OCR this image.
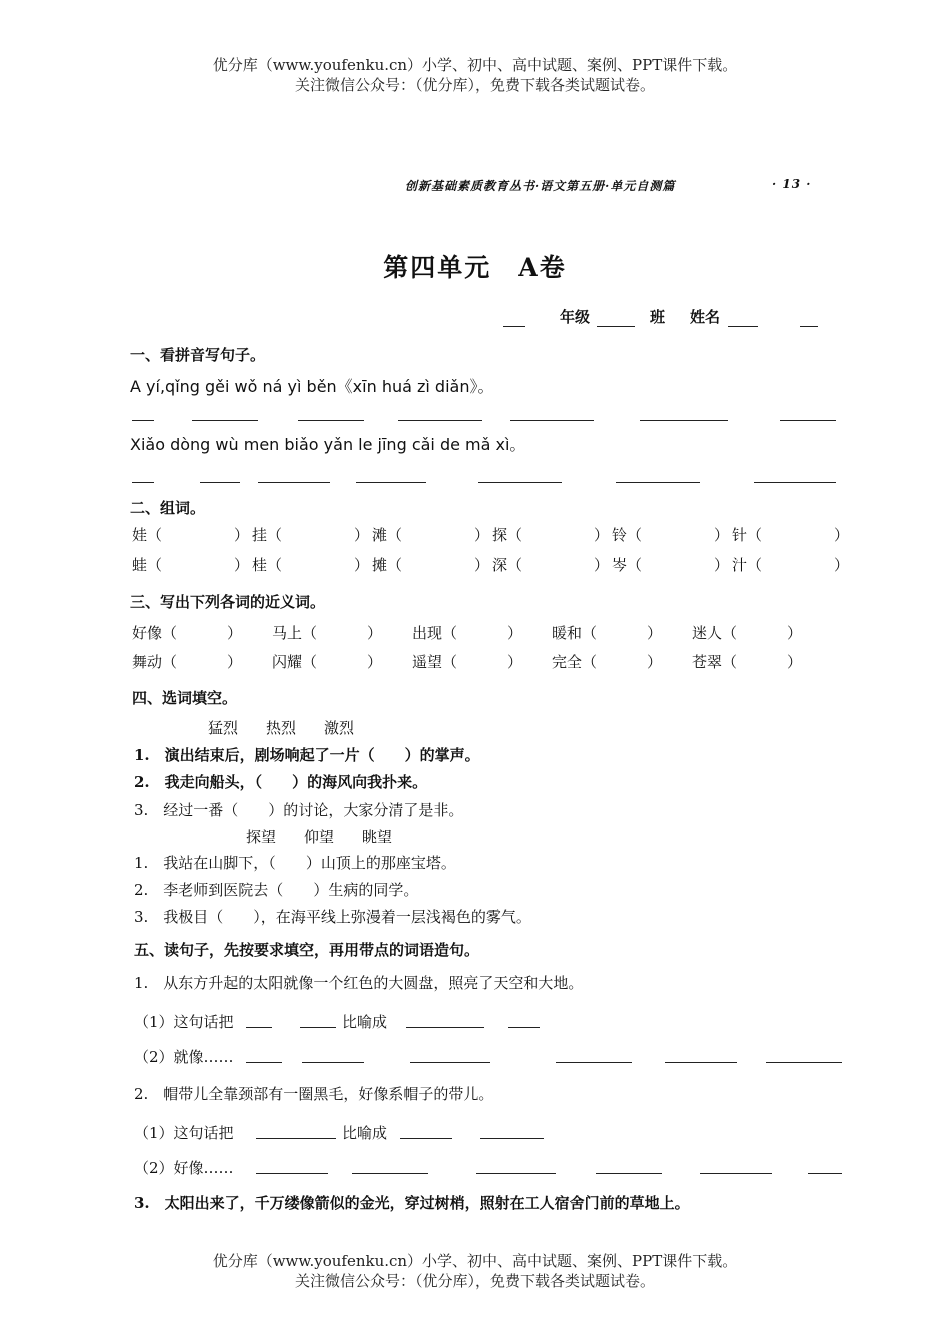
优分库（www.youfenku.cn）小学、初中、高中试题、案例、PPT课件下载。
关注微信公众号：（优分库），免费下载各类试题试卷。
创新基础素质教育丛书·语文第五册·单元自测篇	· 13 ·
第四单元　A卷
年级	班 姓名
一、看拼音写句子。
A yí,qǐng gěi wǒ ná yì běn《xīn huá zì diǎn》。
Xiǎo dòng wù men biǎo yǎn le jīng cǎi de mǎ xì。
二、组词。
娃（	） 挂（	） 滩（	） 探（	） 铃（	） 针（	）
蛙（	） 桂（	） 摊（	） 深（	） 岑（	） 汁（	）
三、写出下列各词的近义词。
好像（	）	马上（	）	出现（	）	暖和（	）	迷人（	）
舞动（	）	闪耀（	）	遥望（	）	完全（	）	苍翠（	）
四、选词填空。
猛烈 热烈 激烈
1.　演出结束后，剧场响起了一片（　　）的掌声。
2.　我走向船头，（　　）的海风向我扑来。
3.　经过一番（　　）的讨论，大家分清了是非。
探望 仰望 眺望
1.　我站在山脚下，（　　）山顶上的那座宝塔。
2.　李老师到医院去（　　）生病的同学。
3.　我极目（　　），在海平线上弥漫着一层浅褐色的雾气。
五、读句子，先按要求填空，再用带点的词语造句。
1.　从东方升起的太阳就像一个红色的大圆盘，照亮了天空和大地。
（1）这句话把	比喻成
（2）就像……
2.　帽带儿全靠颈部有一圈黑毛，好像系帽子的带儿。
（1）这句话把	比喻成
（2）好像……
3.　太阳出来了，千万缕像箭似的金光，穿过树梢，照射在工人宿舍门前的草地上。
优分库（www.youfenku.cn）小学、初中、高中试题、案例、PPT课件下载。
关注微信公众号：（优分库），免费下载各类试题试卷。
